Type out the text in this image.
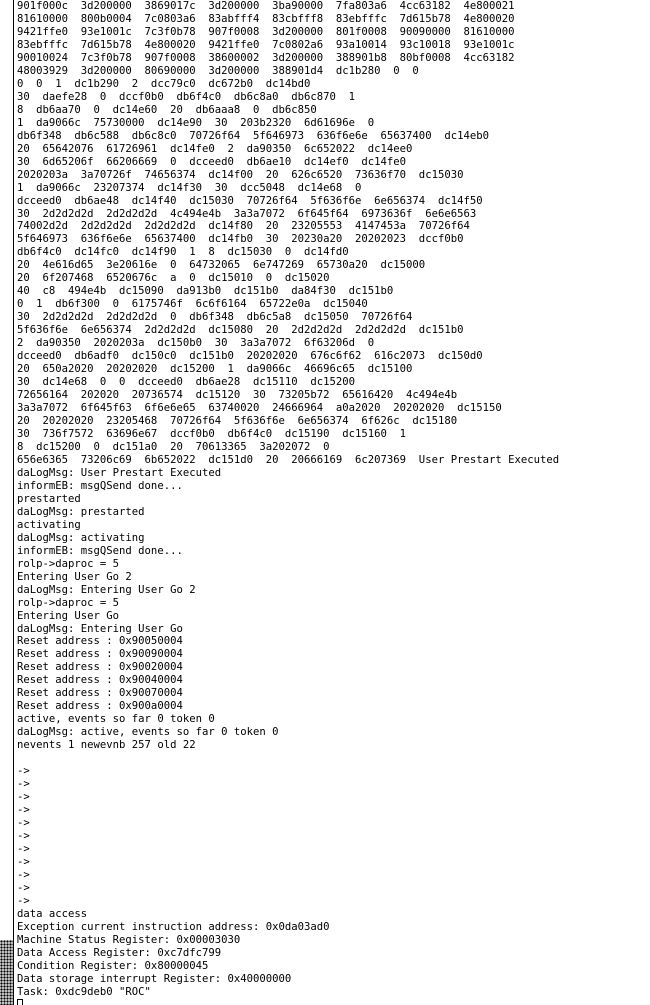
901f000c  3d200000  3869017c  3d200000  3ba90000  7fa803a6  4cc63182  4e800021
81610000  800b0004  7c0803a6  83abfff4  83cbfff8  83ebfffc  7d615b78  4e800020
9421ffe0  93e1001c  7c3f0b78  907f0008  3d200000  801f0008  90090000  81610000
83ebfffc  7d615b78  4e800020  9421ffe0  7c0802a6  93a10014  93c10018  93e1001c
90010024  7c3f0b78  907f0008  38600002  3d200000  388901b8  80bf0008  4cc63182
48003929  3d200000  80690000  3d200000  388901d4  dc1b280  0  0
0  0  1  dc1b290  2  dcc79c0  dc672b0  dc14bd0
30  daefe28  0  dccf0b0  db6f4c0  db6c8a0  db6c870  1
8  db6aa70  0  dc14e60  20  db6aaa8  0  db6c850
1  da9066c  75730000  dc14e90  30  203b2320  6d61696e  0
db6f348  db6c588  db6c8c0  70726f64  5f646973  636f6e6e  65637400  dc14eb0
20  65642076  61726961  dc14fe0  2  da90350  6c652022  dc14ee0
30  6d65206f  66206669  0  dcceed0  db6ae10  dc14ef0  dc14fe0
2020203a  3a70726f  74656374  dc14f00  20  626c6520  73636f70  dc15030
1  da9066c  23207374  dc14f30  30  dcc5048  dc14e68  0
dcceed0  db6ae48  dc14f40  dc15030  70726f64  5f636f6e  6e656374  dc14f50
30  2d2d2d2d  2d2d2d2d  4c494e4b  3a3a7072  6f645f64  6973636f  6e6e6563
74002d2d  2d2d2d2d  2d2d2d2d  dc14f80  20  23205553  4147453a  70726f64
5f646973  636f6e6e  65637400  dc14fb0  30  20230a20  20202023  dccf0b0
db6f4c0  dc14fc0  dc14f90  1  8  dc15030  0  dc14fd0
20  4e616d65  3e20616e  0  64732065  6e747269  65730a20  dc15000
20  6f207468  6520676c  a  0  dc15010  0  dc15020
40  c8  494e4b  dc15090  da913b0  dc151b0  da84f30  dc151b0
0  1  db6f300  0  6175746f  6c6f6164  65722e0a  dc15040
30  2d2d2d2d  2d2d2d2d  0  db6f348  db6c5a8  dc15050  70726f64
5f636f6e  6e656374  2d2d2d2d  dc15080  20  2d2d2d2d  2d2d2d2d  dc151b0
2  da90350  2020203a  dc150b0  30  3a3a7072  6f63206d  0
dcceed0  db6adf0  dc150c0  dc151b0  20202020  676c6f62  616c2073  dc150d0
20  650a2020  20202020  dc15200  1  da9066c  46696c65  dc15100
30  dc14e68  0  0  dcceed0  db6ae28  dc15110  dc15200
72656164  202020  20736574  dc15120  30  73205b72  65616420  4c494e4b
3a3a7072  6f645f63  6f6e6e65  63740020  24666964  a0a2020  20202020  dc15150
20  20202020  23205468  70726f64  5f636f6e  6e656374  6f626c  dc15180
30  736f7572  63696e67  dccf0b0  db6f4c0  dc15190  dc15160  1
8  dc15200  0  dc151a0  20  70613365  3a202072  0
656e6365  73206c69  6b652022  dc151d0  20  20666169  6c207369  User Prestart Executed
daLogMsg: User Prestart Executed
informEB: msgQSend done...
prestarted
daLogMsg: prestarted
activating
daLogMsg: activating
informEB: msgQSend done...
rolp->daproc = 5
Entering User Go 2
daLogMsg: Entering User Go 2
rolp->daproc = 5
Entering User Go
daLogMsg: Entering User Go
Reset address : 0x90050004
Reset address : 0x90090004
Reset address : 0x90020004
Reset address : 0x90040004
Reset address : 0x90070004
Reset address : 0x900a0004
active, events so far 0 token 0
daLogMsg: active, events so far 0 token 0
nevents 1 newevnb 257 old 22
->
->
->
->
->
->
->
->
->
->
->
data access
Exception current instruction address: 0x0da03ad0
Machine Status Register: 0x00003030
Data Access Register: 0xc7dfc799
Condition Register: 0x80000045
Data storage interrupt Register: 0x40000000
Task: 0xdc9deb0 "ROC"
